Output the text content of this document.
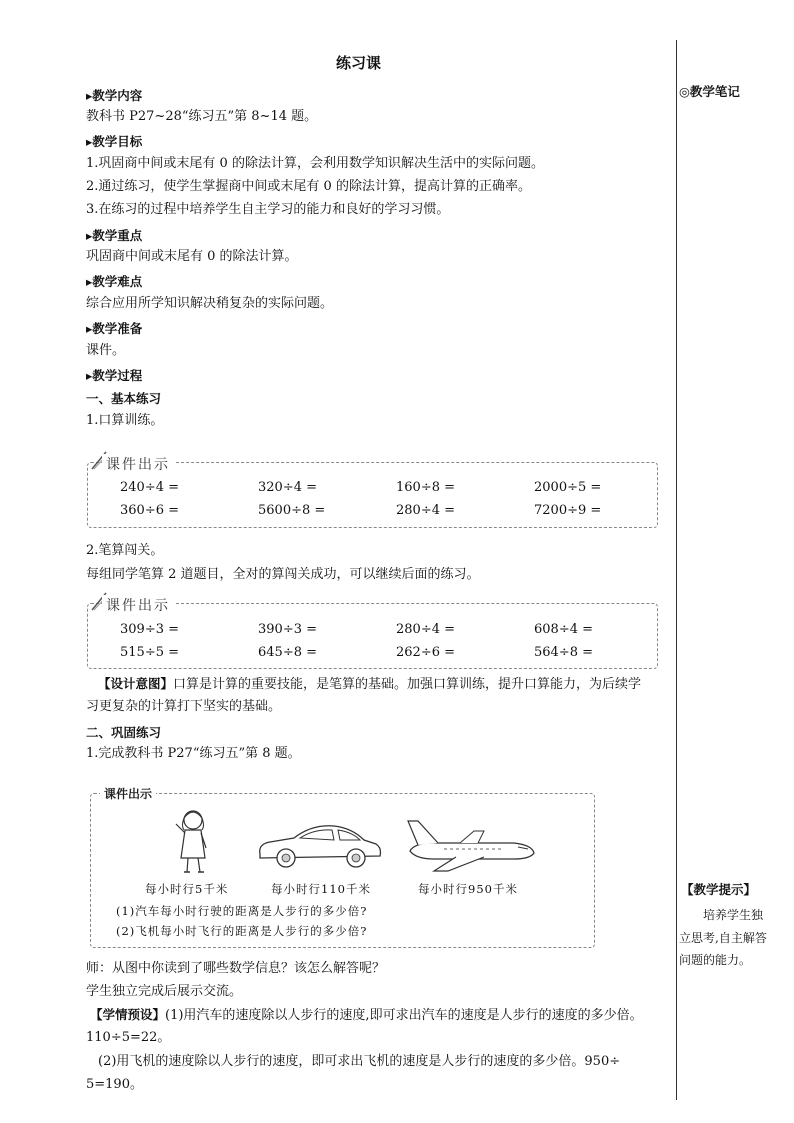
练习课
◎教学笔记
【教学提示】
培养学生独
立思考,自主解答
问题的能力。
▸教学内容
教科书 P27~28“练习五”第 8~14 题。
▸教学目标
1.巩固商中间或末尾有 0 的除法计算，会利用数学知识解决生活中的实际问题。
2.通过练习，使学生掌握商中间或末尾有 0 的除法计算，提高计算的正确率。
3.在练习的过程中培养学生自主学习的能力和良好的学习习惯。
▸教学重点
巩固商中间或末尾有 0 的除法计算。
▸教学难点
综合应用所学知识解决稍复杂的实际问题。
▸教学准备
课件。
▸教学过程
一、基本练习
1.口算训练。
课件出示
240÷4 =	320÷4 =	160÷8 =	2000÷5 =
360÷6 =	5600÷8 =	280÷4 =	7200÷9 =
2.笔算闯关。
每组同学笔算 2 道题目，全对的算闯关成功，可以继续后面的练习。
课件出示
309÷3 =	390÷3 =	280÷4 =	608÷4 =
515÷5 =	645÷8 =	262÷6 =	564÷8 =
【设计意图】口算是计算的重要技能，是笔算的基础。加强口算训练，提升口算能力，为后续学
习更复杂的计算打下坚实的基础。
二、巩固练习
1.完成教科书 P27“练习五”第 8 题。
课件出示
每小时行5千米	每小时行110千米	每小时行950千米
(1)汽车每小时行驶的距离是人步行的多少倍?
(2)飞机每小时飞行的距离是人步行的多少倍?
师：从图中你读到了哪些数学信息？该怎么解答呢？
学生独立完成后展示交流。
【学情预设】(1)用汽车的速度除以人步行的速度,即可求出汽车的速度是人步行的速度的多少倍。
110÷5=22。
(2)用飞机的速度除以人步行的速度，即可求出飞机的速度是人步行的速度的多少倍。950÷
5=190。
